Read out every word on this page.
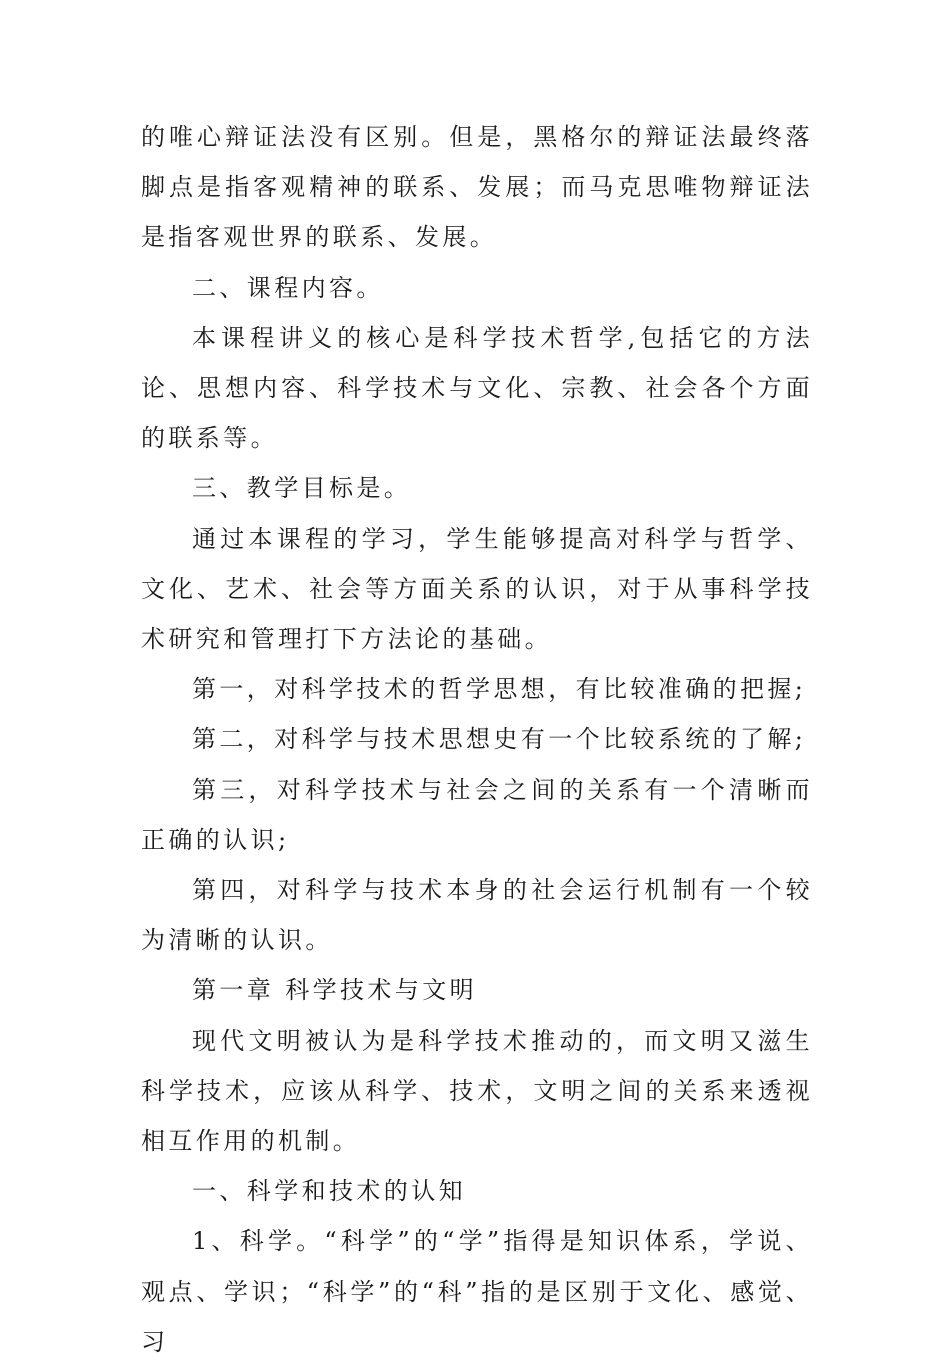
的唯心辩证法没有区别。但是，黑格尔的辩证法最终落脚点是指客观精神的联系、发展；而马克思唯物辩证法是指客观世界的联系、发展。

二、课程内容。

本课程讲义的核心是科学技术哲学,包括它的方法论、思想内容、科学技术与文化、宗教、社会各个方面的联系等。

三、教学目标是。

通过本课程的学习，学生能够提高对科学与哲学、文化、艺术、社会等方面关系的认识，对于从事科学技术研究和管理打下方法论的基础。

第一，对科学技术的哲学思想，有比较准确的把握;

第二，对科学与技术思想史有一个比较系统的了解;

第三，对科学技术与社会之间的关系有一个清晰而正确的认识;

第四，对科学与技术本身的社会运行机制有一个较为清晰的认识。

第一章 科学技术与文明

现代文明被认为是科学技术推动的，而文明又滋生科学技术，应该从科学、技术，文明之间的关系来透视相互作用的机制。

一、科学和技术的认知

1、科学。“科学”的“学”指得是知识体系，学说、观点、学识；“科学”的“科”指的是区别于文化、感觉、习
